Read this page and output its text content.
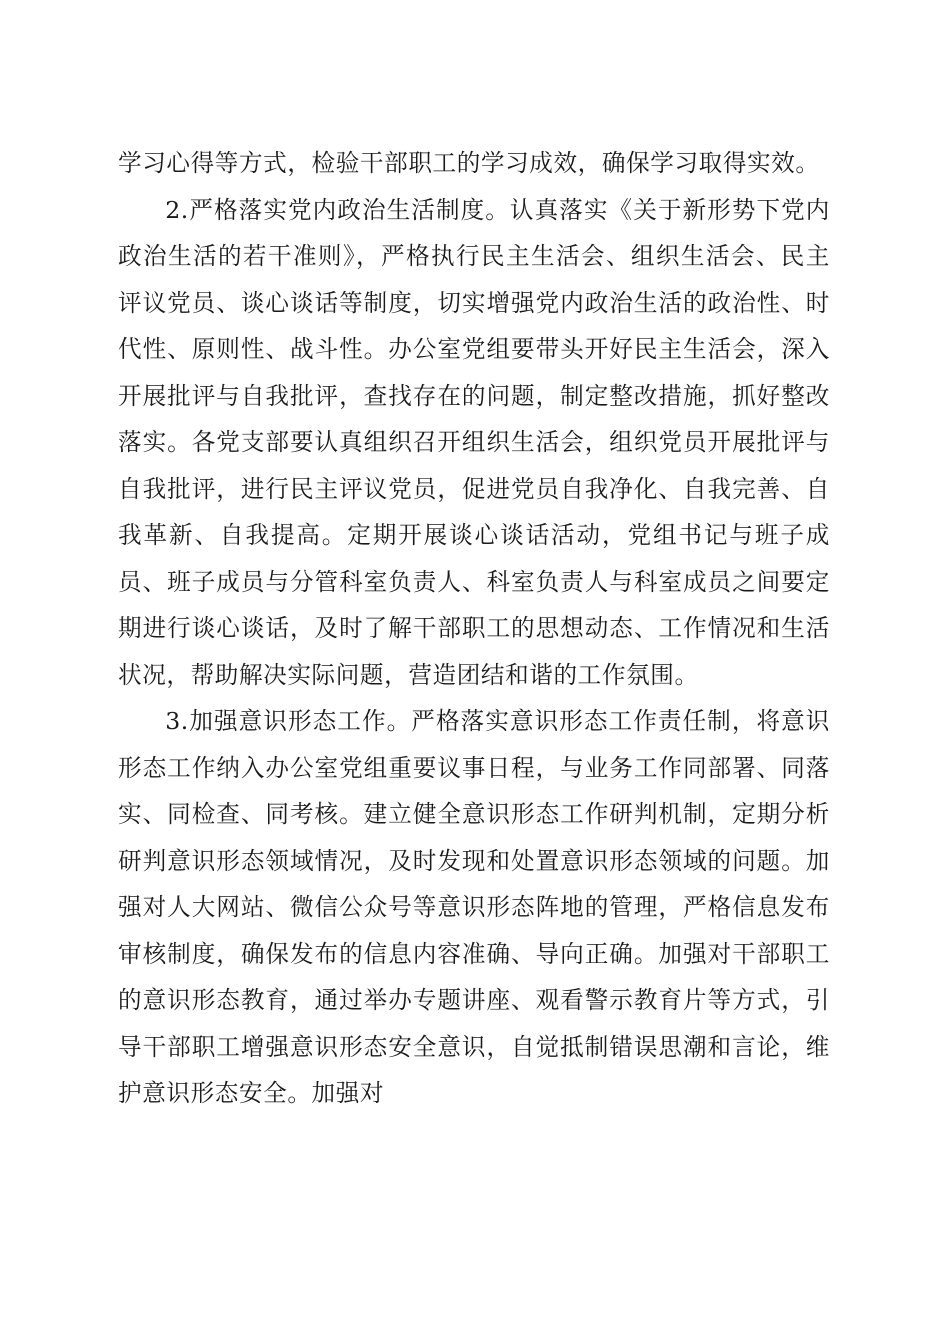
学习心得等方式，检验干部职工的学习成效，确保学习取得实效。

2.严格落实党内政治生活制度。认真落实《关于新形势下党内政治生活的若干准则》，严格执行民主生活会、组织生活会、民主评议党员、谈心谈话等制度，切实增强党内政治生活的政治性、时代性、原则性、战斗性。办公室党组要带头开好民主生活会，深入开展批评与自我批评，查找存在的问题，制定整改措施，抓好整改落实。各党支部要认真组织召开组织生活会，组织党员开展批评与自我批评，进行民主评议党员，促进党员自我净化、自我完善、自我革新、自我提高。定期开展谈心谈话活动，党组书记与班子成员、班子成员与分管科室负责人、科室负责人与科室成员之间要定期进行谈心谈话，及时了解干部职工的思想动态、工作情况和生活状况，帮助解决实际问题，营造团结和谐的工作氛围。

3.加强意识形态工作。严格落实意识形态工作责任制，将意识形态工作纳入办公室党组重要议事日程，与业务工作同部署、同落实、同检查、同考核。建立健全意识形态工作研判机制，定期分析研判意识形态领域情况，及时发现和处置意识形态领域的问题。加强对人大网站、微信公众号等意识形态阵地的管理，严格信息发布审核制度，确保发布的信息内容准确、导向正确。加强对干部职工的意识形态教育，通过举办专题讲座、观看警示教育片等方式，引导干部职工增强意识形态安全意识，自觉抵制错误思潮和言论，维护意识形态安全。加强对
